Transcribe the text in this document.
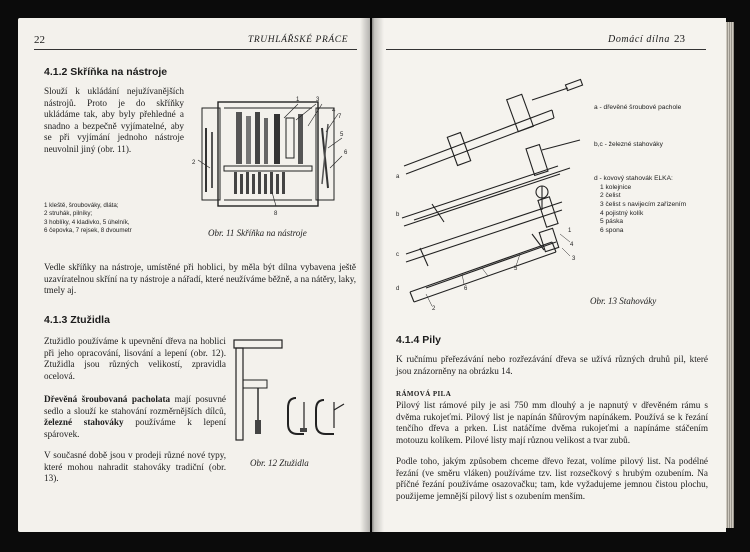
22	TRUHLÁŘSKÉ PRÁCE
4.1.2 Skříňka na nástroje
Slouží k ukládání nejužívanějších nástrojů. Proto je do skříňky ukládáme tak, aby byly přehledné a snadno a bezpečně vyjímatelné, aby se při vyjímání jednoho nástroje neuvolnil jiný (obr. 11).
2
3
4
1
5
6
7
8
1 kleště, šroubováky, dláta;
2 struhák, pilníky;
3 hoblíky, 4 kladivko, 5 úhelník,
6 čepovka, 7 rejsek, 8 dvoumetr	Obr. 11 Skříňka na nástroje
Vedle skříňky na nástroje, umístěné při hoblici, by měla být dílna vybavena ještě uzavíratelnou skříní na ty nástroje a nářadí, které neužíváme běžně, a na nátěry, laky, tmely aj.
4.1.3 Ztužidla
Ztužidlo používáme k upevnění dřeva na hoblici při jeho opracování, lisování a lepení (obr. 12). Ztužidla jsou různých velikostí, zpravidla ocelová.
Dřevěná šroubovaná pacholata mají posuvné sedlo a slouží ke stahování rozměrnějších dílců, železné stahováky používáme k lepení spárovek.
V současné době jsou v prodeji různé nové typy, které mohou nahradit stahováky tradiční (obr. 13).
Obr. 12 Ztužidla
Domácí dílna 23
a
b
c
d
1
2
3
4
5
6
a - dřevěné šroubové pacholе
b,c - železné stahováky
d - kovový stahovák ELKA:
1 kolejnice
2 čelist
3 čelist s navijecím zařízením
4 pojistný kolík
5 páska
6 spona
Obr. 13 Stahováky
4.1.4 Pily
K ručnímu přeřezávání nebo rozřezávání dřeva se užívá různých druhů pil, které jsou znázorněny na obrázku 14.
RÁMOVÁ PILA
Pilový list rámové pily je asi 750 mm dlouhý a je napnutý v dřevěném rámu s dvěma rukojeťmi. Pilový list je napínán šňůrovým napínákem. Používá se k řezání tenčího dřeva a prken. List natáčíme dvěma rukojeťmi a napínáme stáčením motouzu kolíkem. Pilové listy mají různou velikost a tvar zubů.
Podle toho, jakým způsobem chceme dřevo řezat, volíme pilový list. Na podélné řezání (ve směru vláken) používáme tzv. list rozsečkový s hrubým ozubením. Na příčné řezání používáme osazovačku; tam, kde vyžadujeme jemnou čistou plochu, použijeme jemnější pilový list s ozubením menším.
